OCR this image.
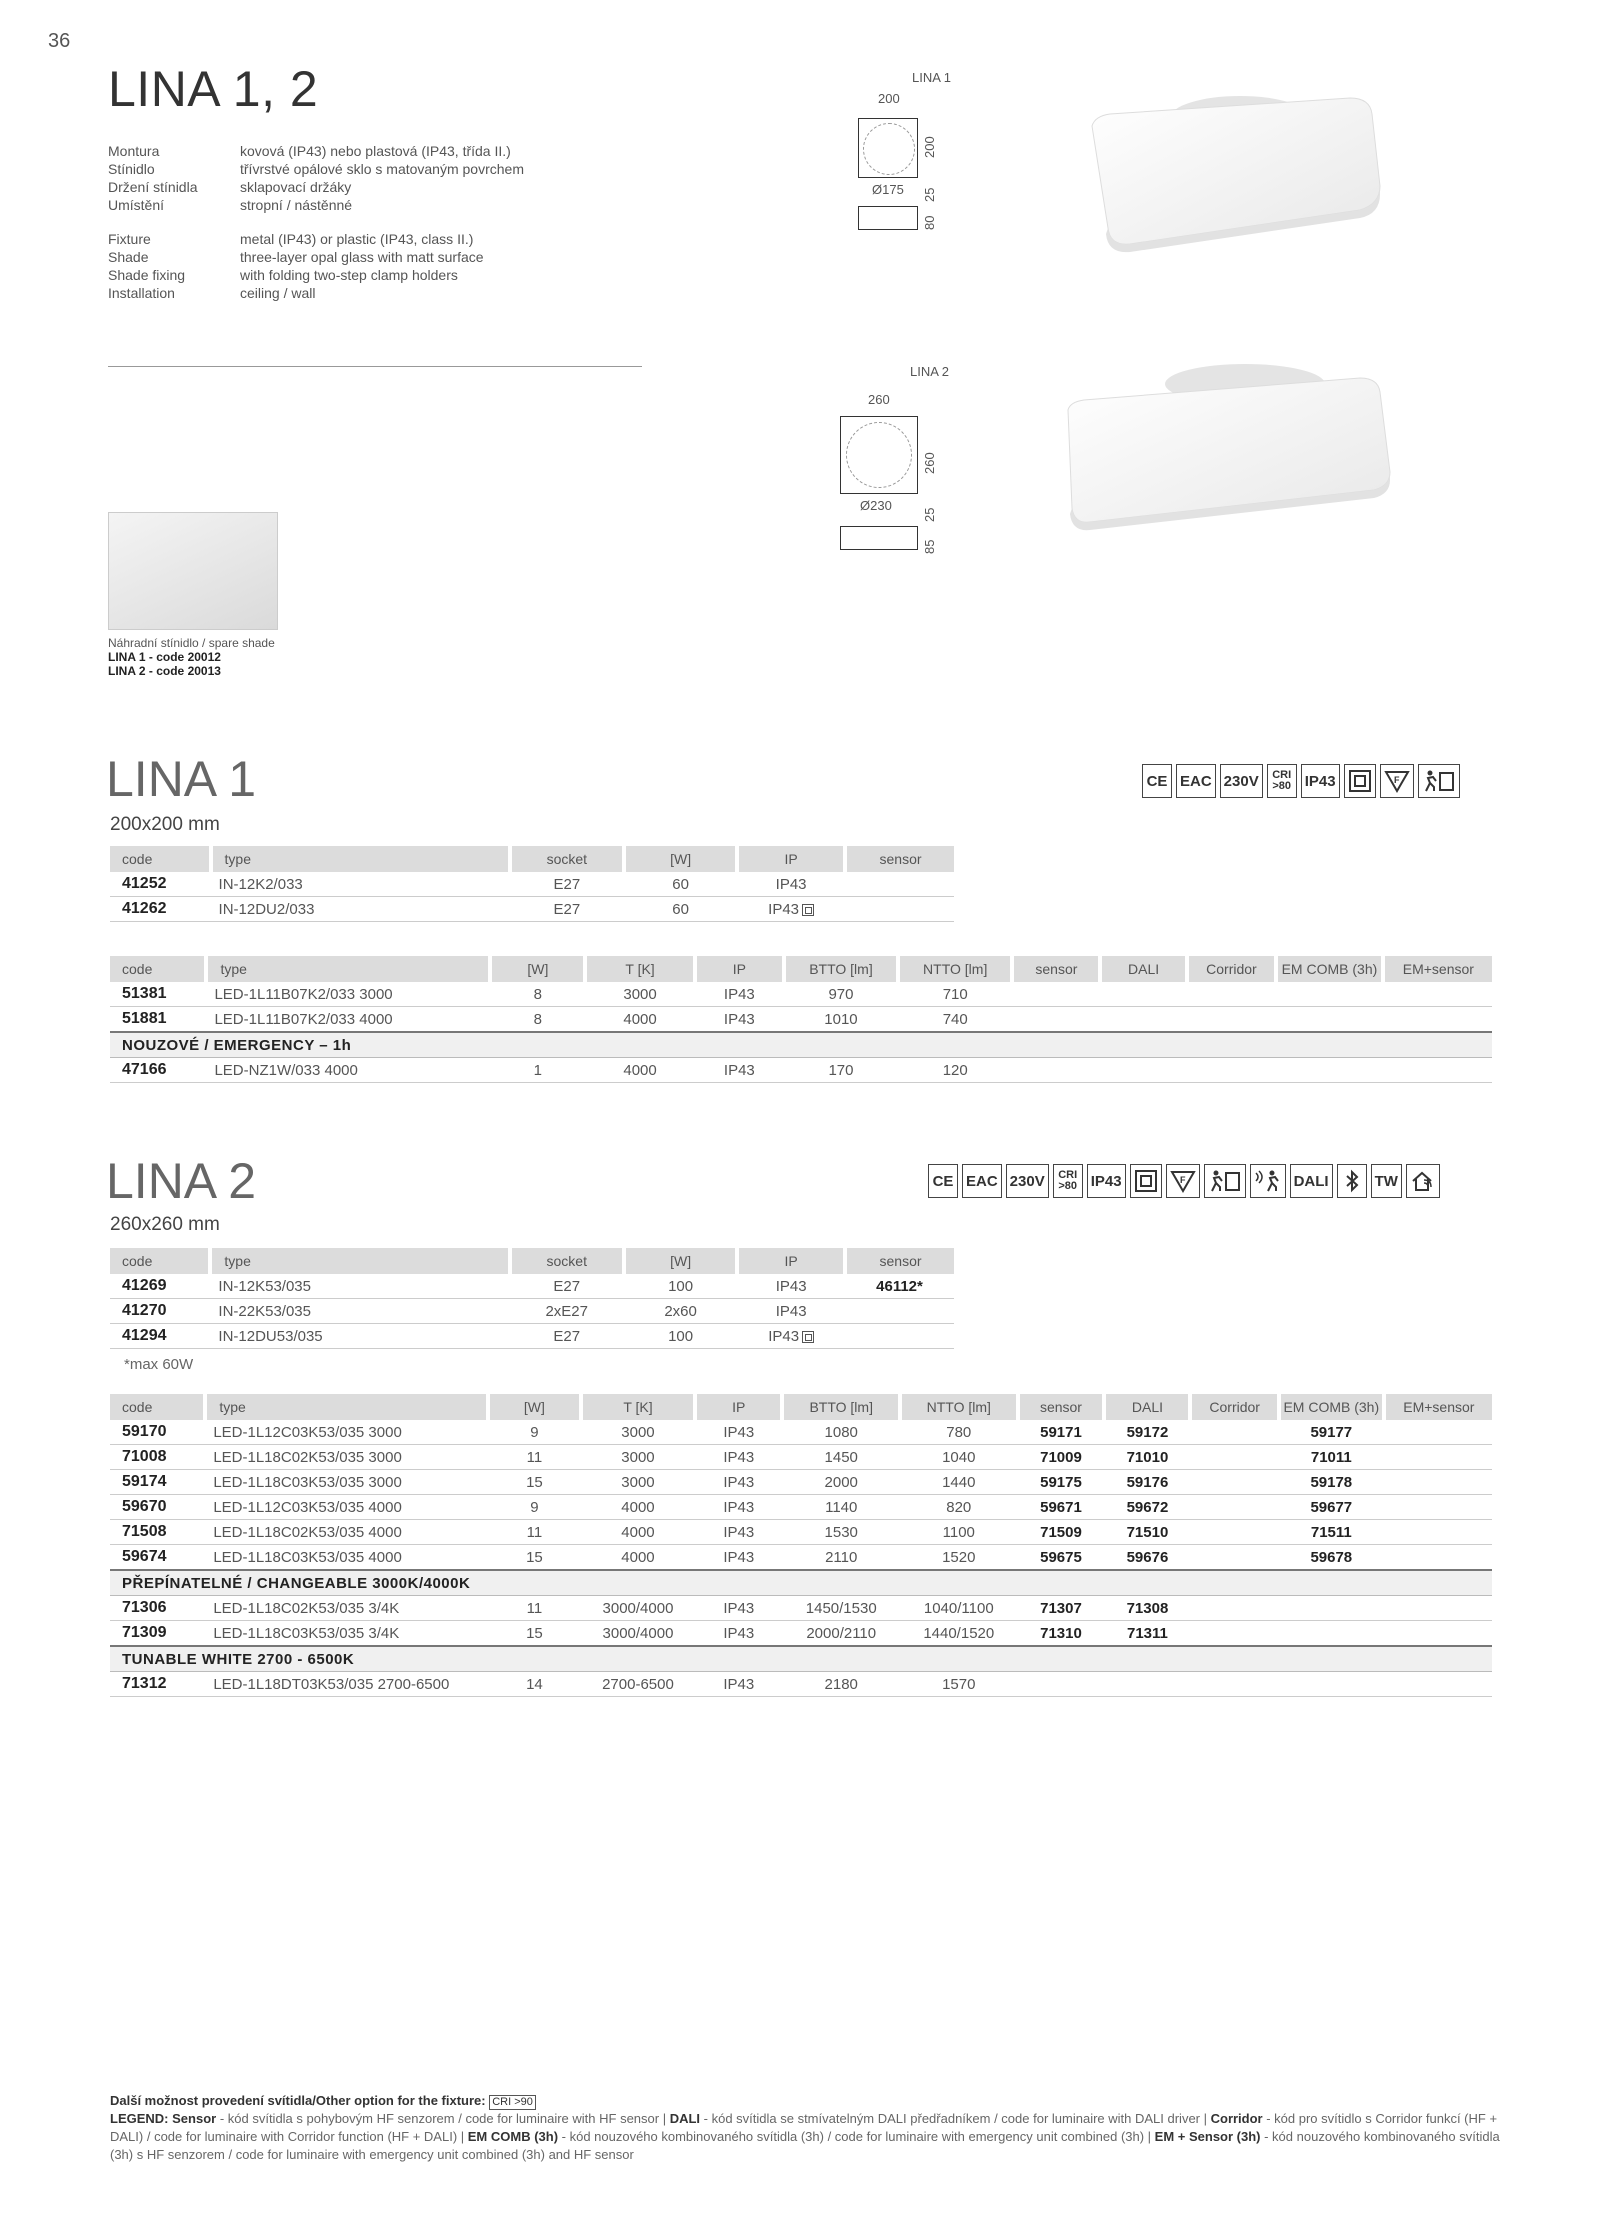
36
LINA 1, 2
Montura	kovová (IP43) nebo plastová (IP43, třída II.)
Stínidlo	třívrstvé opálové sklo s matovaným povrchem
Držení stínidla	sklapovací držáky
Umístění	stropní / nástěnné
Fixture	metal (IP43) or plastic (IP43, class II.)
Shade	three-layer opal glass with matt surface
Shade fixing	with folding two-step clamp holders
Installation	ceiling / wall
Náhradní stínidlo / spare shade
LINA 1 - code 20012
LINA 2 - code 20013
LINA 1
200
200
Ø175 25
80
LINA 2
260
260
Ø230
25
85
LINA 1
200x200 mm
CE EAC 230V	CRI
>80 IP43	F
code	type	socket	[W]	IP	sensor
41252	IN-12K2/033	E27	60	IP43	
41262	IN-12DU2/033	E27	60	IP43	
code	type	[W]	T [K]	IP	BTTO [lm]	NTTO [lm]	sensor	DALI	Corridor	EM COMB (3h)	EM+sensor
51381	LED-1L11B07K2/033 3000	8	3000	IP43	970	710					
51881	LED-1L11B07K2/033 4000	8	4000	IP43	1010	740					
NOUZOVÉ / EMERGENCY – 1h											
47166	LED-NZ1W/033 4000	1	4000	IP43	170	120					
LINA 2
260x260 mm
CE EAC 230V	CRI
>80 IP43	F	DALI	TW
code	type	socket	[W]	IP	sensor
41269	IN-12K53/035	E27	100	IP43	46112*
41270	IN-22K53/035	2xE27	2x60	IP43	
41294	IN-12DU53/035	E27	100	IP43	
*max 60W
code	type	[W]	T [K]	IP	BTTO [lm]	NTTO [lm]	sensor	DALI	Corridor	EM COMB (3h)	EM+sensor
59170	LED-1L12C03K53/035 3000	9	3000	IP43	1080	780	59171	59172		59177	
71008	LED-1L18C02K53/035 3000	11	3000	IP43	1450	1040	71009	71010		71011	
59174	LED-1L18C03K53/035 3000	15	3000	IP43	2000	1440	59175	59176		59178	
59670	LED-1L12C03K53/035 4000	9	4000	IP43	1140	820	59671	59672		59677	
71508	LED-1L18C02K53/035 4000	11	4000	IP43	1530	1100	71509	71510		71511	
59674	LED-1L18C03K53/035 4000	15	4000	IP43	2110	1520	59675	59676		59678	
PŘEPÍNATELNÉ / CHANGEABLE 3000K/4000K											
71306	LED-1L18C02K53/035 3/4K	11	3000/4000	IP43	1450/1530	1040/1100	71307	71308			
71309	LED-1L18C03K53/035 3/4K	15	3000/4000	IP43	2000/2110	1440/1520	71310	71311			
TUNABLE WHITE 2700 - 6500K											
71312	LED-1L18DT03K53/035 2700-6500	14	2700-6500	IP43	2180	1570					
Další možnost provedení svítidla/Other option for the fixture: CRI >90
LEGEND: Sensor - kód svítidla s pohybovým HF senzorem / code for luminaire with HF sensor | DALI - kód svítidla se stmívatelným DALI předřadníkem / code for luminaire with DALI driver | Corridor - kód pro svítidlo s Corridor funkcí (HF + DALI) / code for luminaire with Corridor function (HF + DALI) | EM COMB (3h) - kód nouzového kombinovaného svítidla (3h) / code for luminaire with emergency unit combined (3h) | EM + Sensor (3h) - kód nouzového kombinovaného svítidla (3h) s HF senzorem / code for luminaire with emergency unit combined (3h) and HF sensor
